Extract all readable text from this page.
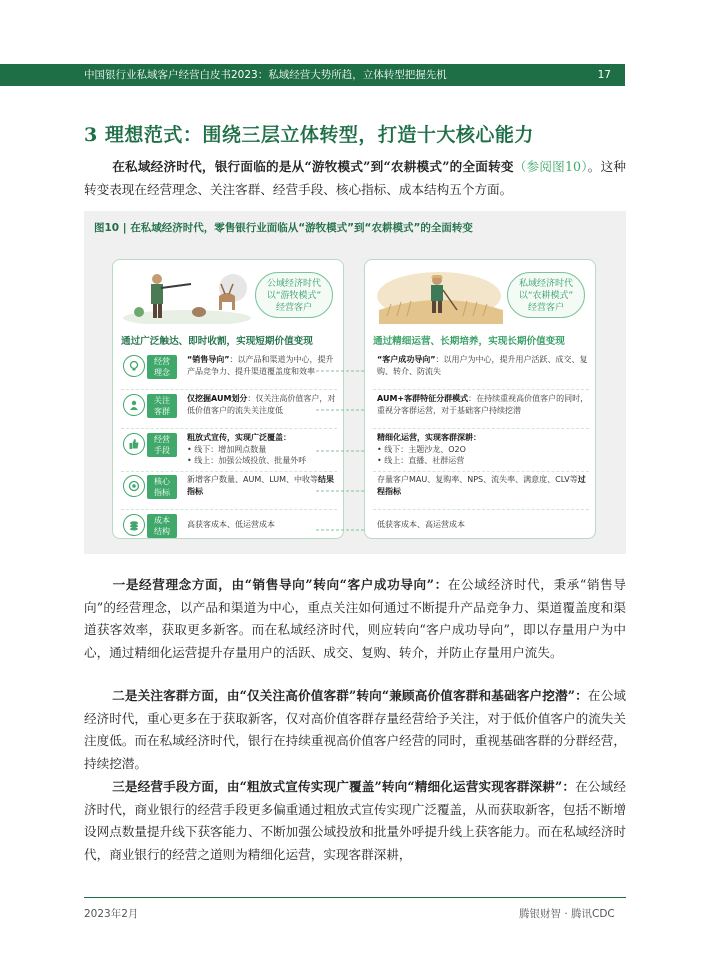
中国银行业私域客户经营白皮书2023：私域经营大势所趋，立体转型把握先机	17
3 理想范式：围绕三层立体转型，打造十大核心能力
在私域经济时代，银行面临的是从“游牧模式”到“农耕模式”的全面转变（参阅图10）。这种转变表现在经营理念、关注客群、经营手段、核心指标、成本结构五个方面。
图10 | 在私域经济时代，零售银行业面临从“游牧模式”到“农耕模式”的全面转变
公域经济时代
以“游牧模式”
经营客户
通过广泛触达、即时收割，实现短期价值变现
经营
理念
“销售导向”：以产品和渠道为中心，提升产品竞争力、提升渠道覆盖度和效率
关注
客群
仅挖掘AUM划分：仅关注高价值客户，对低价值客户的流失关注度低
经营
手段
粗放式宣传，实现广泛覆盖：
• 线下：增加网点数量
• 线上：加强公域投放、批量外呼
核心
指标
新增客户数量、AUM、LUM、中收等结果指标
成本
结构
高获客成本、低运营成本
私域经济时代
以“农耕模式”
经营客户
通过精细运营、长期培养，实现长期价值变现
“客户成功导向”：以用户为中心，提升用户活跃、成交、复购、转介、防流失
AUM+客群特征分群模式：在持续重视高价值客户的同时，重视分客群运营，对于基础客户持续挖潜
精细化运营，实现客群深耕：
• 线下：主题沙龙、O2O
• 线上：直播、社群运营
存量客户MAU、复购率、NPS、流失率、满意度、CLV等过程指标
低获客成本、高运营成本
一是经营理念方面，由“销售导向”转向“客户成功导向”：在公域经济时代，秉承“销售导向”的经营理念，以产品和渠道为中心，重点关注如何通过不断提升产品竞争力、渠道覆盖度和渠道获客效率，获取更多新客。而在私域经济时代，则应转向“客户成功导向”，即以存量用户为中心，通过精细化运营提升存量用户的活跃、成交、复购、转介，并防止存量用户流失。
二是关注客群方面，由“仅关注高价值客群”转向“兼顾高价值客群和基础客户挖潜”：在公域经济时代，重心更多在于获取新客，仅对高价值客群存量经营给予关注，对于低价值客户的流失关注度低。而在私域经济时代，银行在持续重视高价值客户经营的同时，重视基础客群的分群经营，持续挖潜。
三是经营手段方面，由“粗放式宣传实现广覆盖”转向“精细化运营实现客群深耕”：在公域经济时代，商业银行的经营手段更多偏重通过粗放式宣传实现广泛覆盖，从而获取新客，包括不断增设网点数量提升线下获客能力、不断加强公域投放和批量外呼提升线上获客能力。而在私域经济时代，商业银行的经营之道则为精细化运营，实现客群深耕，
2023年2月	腾银财智 · 腾讯CDC
